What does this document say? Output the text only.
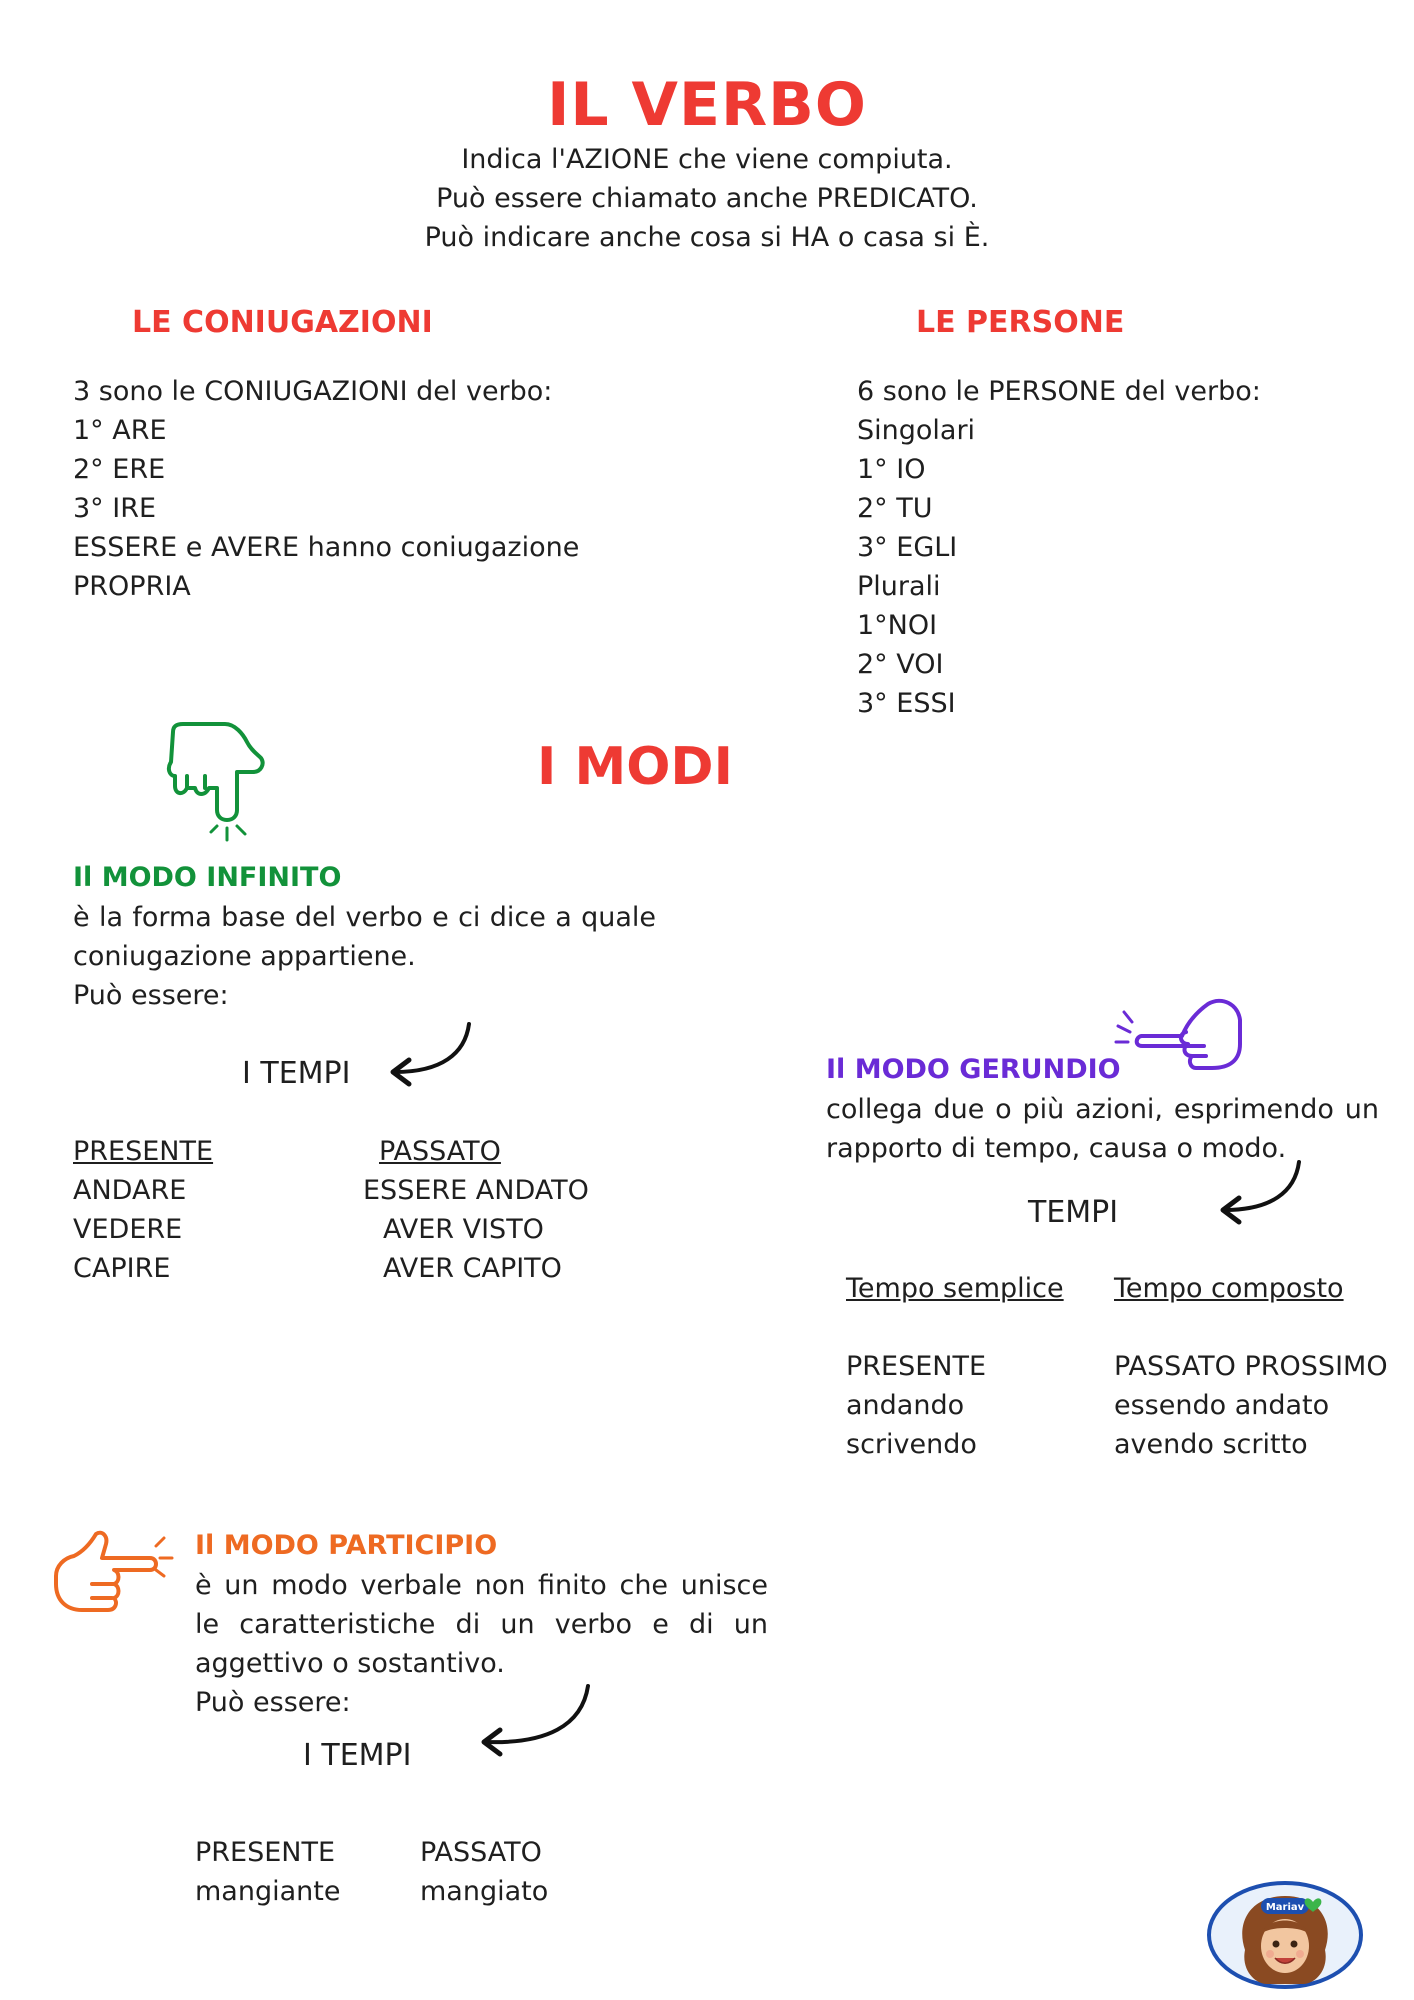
IL VERBO
Indica l'AZIONE che viene compiuta.
Può essere chiamato anche PREDICATO.
Può indicare anche cosa si HA o casa si È.
LE CONIUGAZIONI
3 sono le CONIUGAZIONI del verbo:
1° ARE
2° ERE
3° IRE
ESSERE e AVERE hanno coniugazione
PROPRIA
LE PERSONE
6 sono le PERSONE del verbo:
Singolari
1° IO
2° TU
3° EGLI
Plurali
1°NOI
2° VOI
3° ESSI
I MODI
Il MODO INFINITO
è la forma base del verbo e ci dice a quale coniugazione appartiene.
Può essere:
I TEMPI
PRESENTE
ANDARE
VEDERE
CAPIRE
PASSATO
ESSERE ANDATO
AVER VISTO
AVER CAPITO
Il MODO GERUNDIO
collega due o più azioni, esprimendo un rapporto di tempo, causa o modo.
TEMPI
Tempo semplice Tempo composto
PRESENTE
andando
scrivendo
PASSATO PROSSIMO
essendo andato
avendo scritto
Il MODO PARTICIPIO
è un modo verbale non finito che unisce le caratteristiche di un verbo e di un aggettivo o sostantivo.
Può essere:
I TEMPI
PRESENTE
mangiante
PASSATO
mangiato
Mariav
